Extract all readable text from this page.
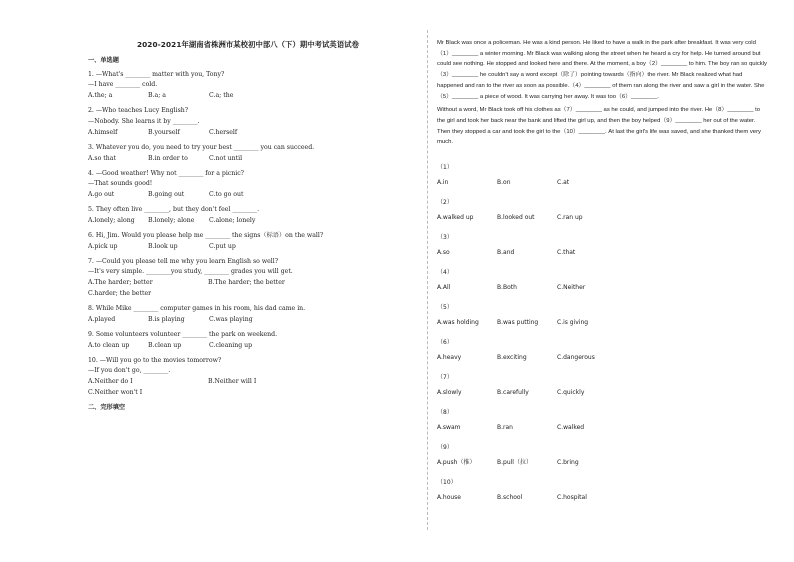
2020-2021年湖南省株洲市某校初中部八（下）期中考试英语试卷
一、单选题
1. —What's ________ matter with you, Tony?
—I have ________ cold.
A.the; a	B.a; a	C.a; the
2. —Who teaches Lucy English?
—Nobody. She learns it by ________.
A.himself	B.yourself	C.herself
3. Whatever you do, you need to try your best ________ you can succeed.
A.so that	B.in order to	C.not until
4. —Good weather! Why not ________ for a picnic?
—That sounds good!
A.go out	B.going out	C.to go out
5. They often live ________, but they don't feel ________.
A.lonely; along	B.lonely; alone	C.alone; lonely
6. Hi, Jim. Would you please help me ________ the signs（标语）on the wall?
A.pick up	B.look up	C.put up
7. —Could you please tell me why you learn English so well?
—It's very simple. ________you study, ________ grades you will get.
A.The harder; better	B.The harder; the better
C.harder; the better
8. While Mike ________ computer games in his room, his dad came in.
A.played	B.is playing	C.was playing
9. Some volunteers volunteer ________ the park on weekend.
A.to clean up	B.clean up	C.cleaning up
10. —Will you go to the movies tomorrow?
—If you don't go, ________.
A.Neither do I	B.Neither will I
C.Neither won't I
二、完形填空

Mr Black was once a policeman. He was a kind person. He liked to have a walk in the park after breakfast. It was very cold（1）________ a winter morning. Mr Black was walking along the street when he heard a cry for help. He turned around but could see nothing. He stopped and looked here and there. At the moment, a boy（2）________ to him. The boy ran so quickly（3）________ he couldn't say a word except（除了）pointing towards（指向）the river. Mr Black realized what had happened and ran to the river as soon as possible.（4）________ of them ran along the river and saw a girl in the water. She（5）________ a piece of wood. It was carrying her away. It was too（6）________.

Without a word, Mr Black took off his clothes as（7）________ as he could, and jumped into the river. He（8）________ to the girl and took her back near the bank and lifted the girl up, and then the boy helped（9）________ her out of the water. Then they stopped a car and took the girl to the（10）________. At last the girl's life was saved, and she thanked them very much.

（1）
A.in	B.on	C.at
（2）
A.walked up	B.looked out	C.ran up
（3）
A.so	B.and	C.that
（4）
A.All	B.Both	C.Neither
（5）
A.was holding	B.was putting	C.is giving
（6）
A.heavy	B.exciting	C.dangerous
（7）
A.slowly	B.carefully	C.quickly
（8）
A.swam	B.ran	C.walked
（9）
A.push（推）	B.pull（拉）	C.bring
（10）
A.house	B.school	C.hospital
